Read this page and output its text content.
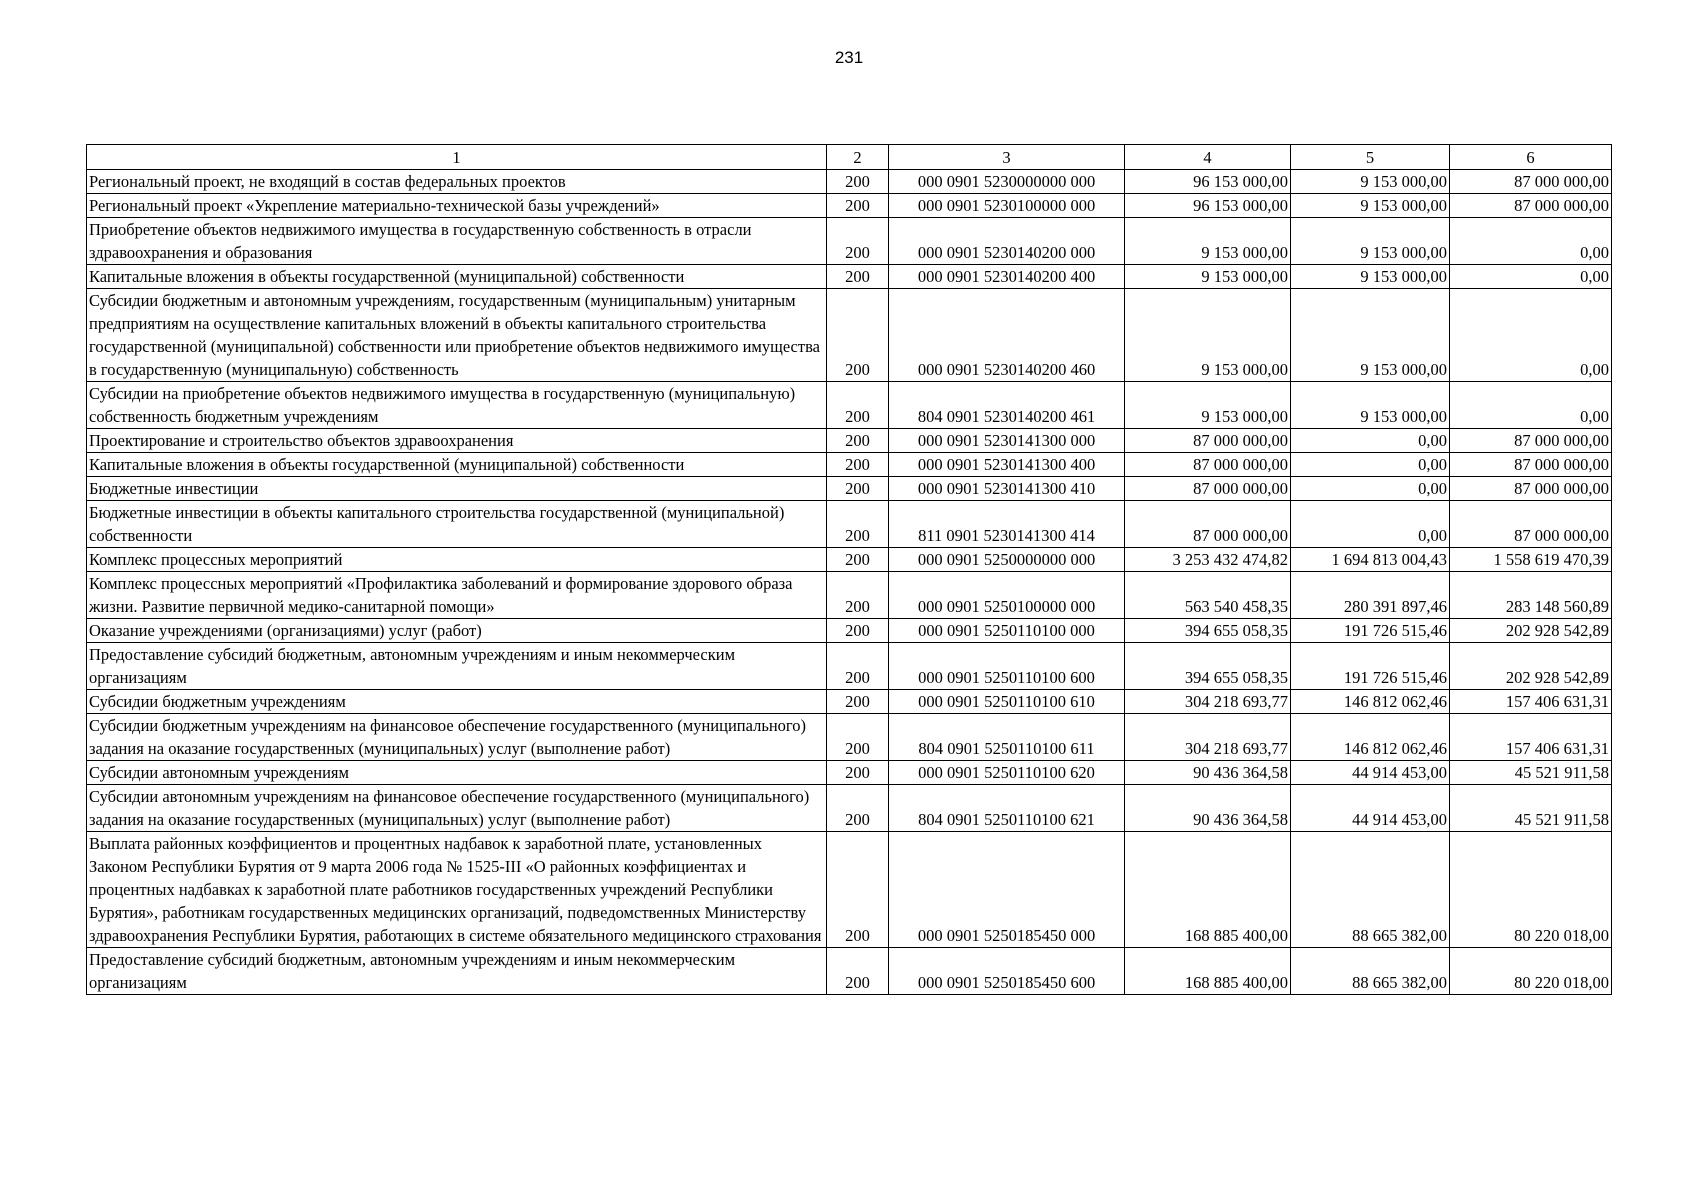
231
1	2	3	4	5	6
Региональный проект, не входящий в состав федеральных проектов	200	000 0901 5230000000 000	96 153 000,00	9 153 000,00	87 000 000,00
Региональный проект «Укрепление материально-технической базы учреждений»	200	000 0901 5230100000 000	96 153 000,00	9 153 000,00	87 000 000,00
Приобретение объектов недвижимого имущества в государственную собственность в отрасли здравоохранения и образования	200	000 0901 5230140200 000	9 153 000,00	9 153 000,00	0,00
Капитальные вложения в объекты государственной (муниципальной) собственности	200	000 0901 5230140200 400	9 153 000,00	9 153 000,00	0,00
Субсидии бюджетным и автономным учреждениям, государственным (муниципальным) унитарным предприятиям на осуществление капитальных вложений в объекты капитального строительства государственной (муниципальной) собственности или приобретение объектов недвижимого имущества в государственную (муниципальную) собственность	200	000 0901 5230140200 460	9 153 000,00	9 153 000,00	0,00
Субсидии на приобретение объектов недвижимого имущества в государственную (муниципальную) собственность бюджетным учреждениям	200	804 0901 5230140200 461	9 153 000,00	9 153 000,00	0,00
Проектирование и строительство объектов здравоохранения	200	000 0901 5230141300 000	87 000 000,00	0,00	87 000 000,00
Капитальные вложения в объекты государственной (муниципальной) собственности	200	000 0901 5230141300 400	87 000 000,00	0,00	87 000 000,00
Бюджетные инвестиции	200	000 0901 5230141300 410	87 000 000,00	0,00	87 000 000,00
Бюджетные инвестиции в объекты капитального строительства государственной (муниципальной) собственности	200	811 0901 5230141300 414	87 000 000,00	0,00	87 000 000,00
Комплекс процессных мероприятий	200	000 0901 5250000000 000	3 253 432 474,82	1 694 813 004,43	1 558 619 470,39
Комплекс процессных мероприятий «Профилактика заболеваний и формирование здорового образа жизни. Развитие первичной медико-санитарной помощи»	200	000 0901 5250100000 000	563 540 458,35	280 391 897,46	283 148 560,89
Оказание учреждениями (организациями) услуг (работ)	200	000 0901 5250110100 000	394 655 058,35	191 726 515,46	202 928 542,89
Предоставление субсидий бюджетным, автономным учреждениям и иным некоммерческим организациям	200	000 0901 5250110100 600	394 655 058,35	191 726 515,46	202 928 542,89
Субсидии бюджетным учреждениям	200	000 0901 5250110100 610	304 218 693,77	146 812 062,46	157 406 631,31
Субсидии бюджетным учреждениям на финансовое обеспечение государственного (муниципального) задания на оказание государственных (муниципальных) услуг (выполнение работ)	200	804 0901 5250110100 611	304 218 693,77	146 812 062,46	157 406 631,31
Субсидии автономным учреждениям	200	000 0901 5250110100 620	90 436 364,58	44 914 453,00	45 521 911,58
Субсидии автономным учреждениям на финансовое обеспечение государственного (муниципального) задания на оказание государственных (муниципальных) услуг (выполнение работ)	200	804 0901 5250110100 621	90 436 364,58	44 914 453,00	45 521 911,58
Выплата районных коэффициентов и процентных надбавок к заработной плате, установленных Законом Республики Бурятия от 9 марта 2006 года № 1525-III «О районных коэффициентах и процентных надбавках к заработной плате работников государственных учреждений Республики Бурятия», работникам государственных медицинских организаций, подведомственных Министерству здравоохранения Республики Бурятия, работающих в системе обязательного медицинского страхования	200	000 0901 5250185450 000	168 885 400,00	88 665 382,00	80 220 018,00
Предоставление субсидий бюджетным, автономным учреждениям и иным некоммерческим организациям	200	000 0901 5250185450 600	168 885 400,00	88 665 382,00	80 220 018,00
